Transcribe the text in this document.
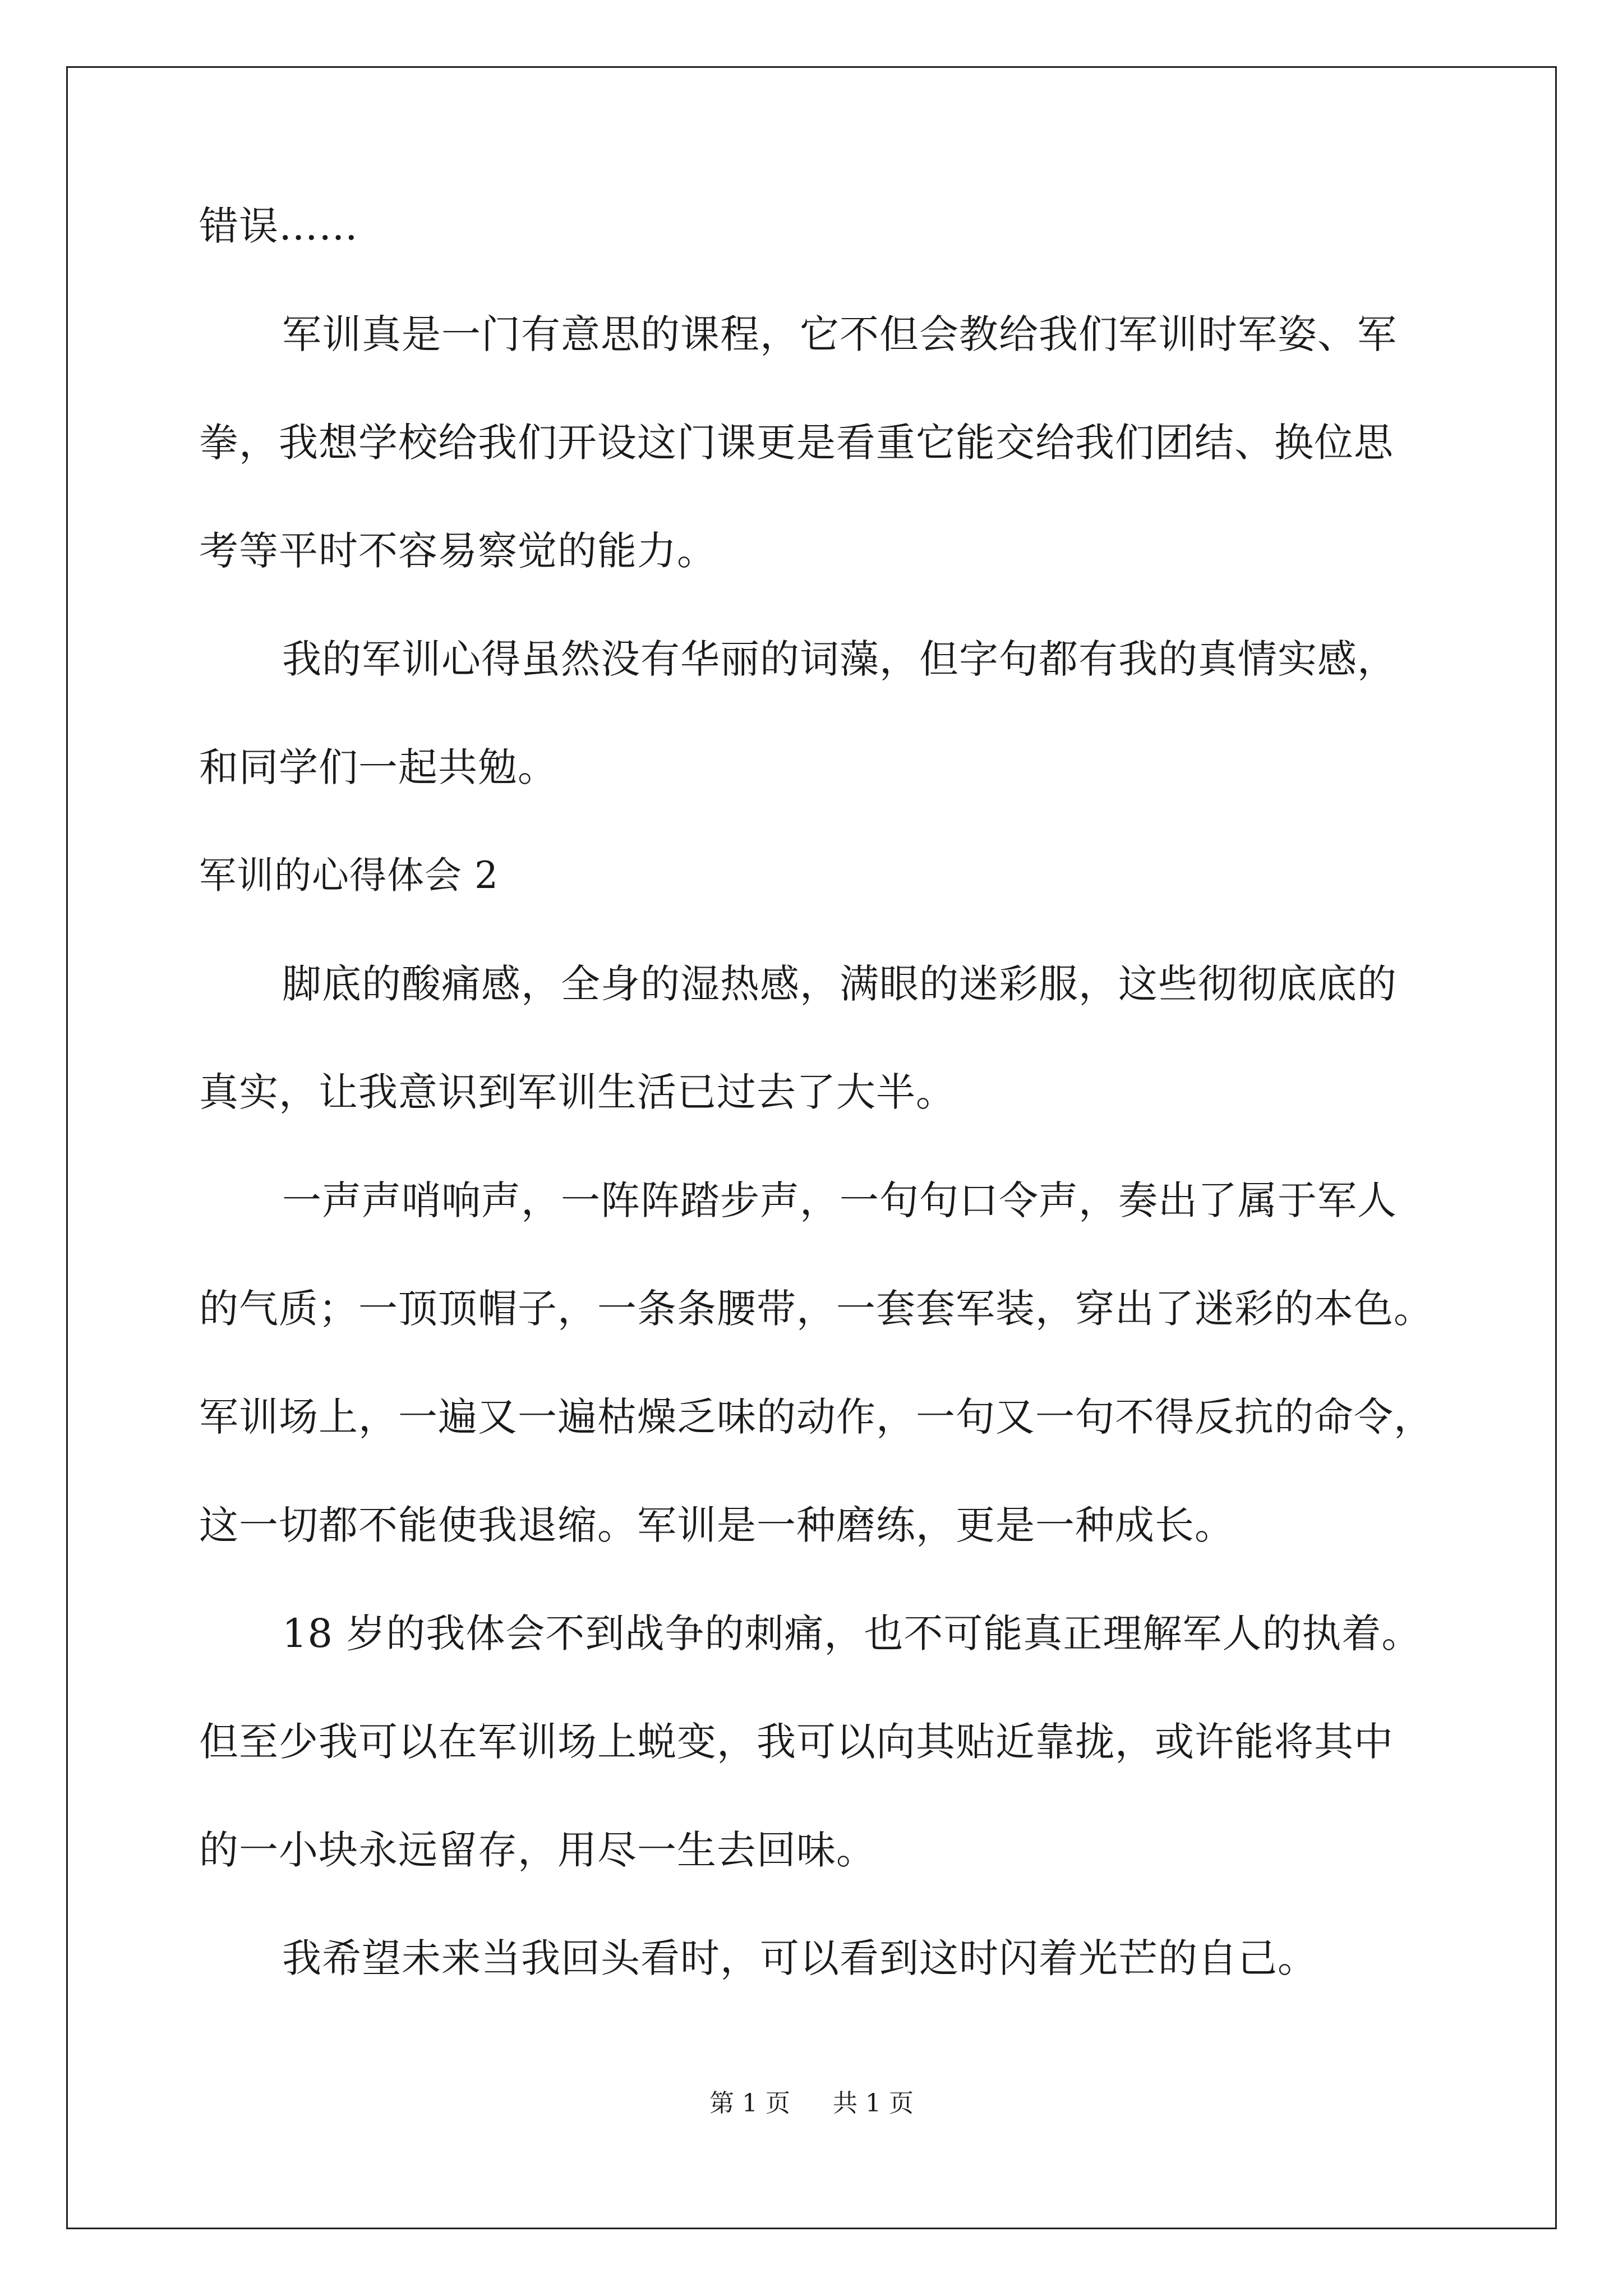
错误……

军训真是一门有意思的课程，它不但会教给我们军训时军姿、军

拳，我想学校给我们开设这门课更是看重它能交给我们团结、换位思

考等平时不容易察觉的能力。

我的军训心得虽然没有华丽的词藻，但字句都有我的真情实感，

和同学们一起共勉。

军训的心得体会 2

脚底的酸痛感，全身的湿热感，满眼的迷彩服，这些彻彻底底的

真实，让我意识到军训生活已过去了大半。

一声声哨响声，一阵阵踏步声，一句句口令声，奏出了属于军人

的气质；一顶顶帽子，一条条腰带，一套套军装，穿出了迷彩的本色。

军训场上，一遍又一遍枯燥乏味的动作，一句又一句不得反抗的命令，

这一切都不能使我退缩。军训是一种磨练，更是一种成长。

18 岁的我体会不到战争的刺痛，也不可能真正理解军人的执着。

但至少我可以在军训场上蜕变，我可以向其贴近靠拢，或许能将其中

的一小块永远留存，用尽一生去回味。

我希望未来当我回头看时，可以看到这时闪着光芒的自己。

第 1 页 共 1 页
